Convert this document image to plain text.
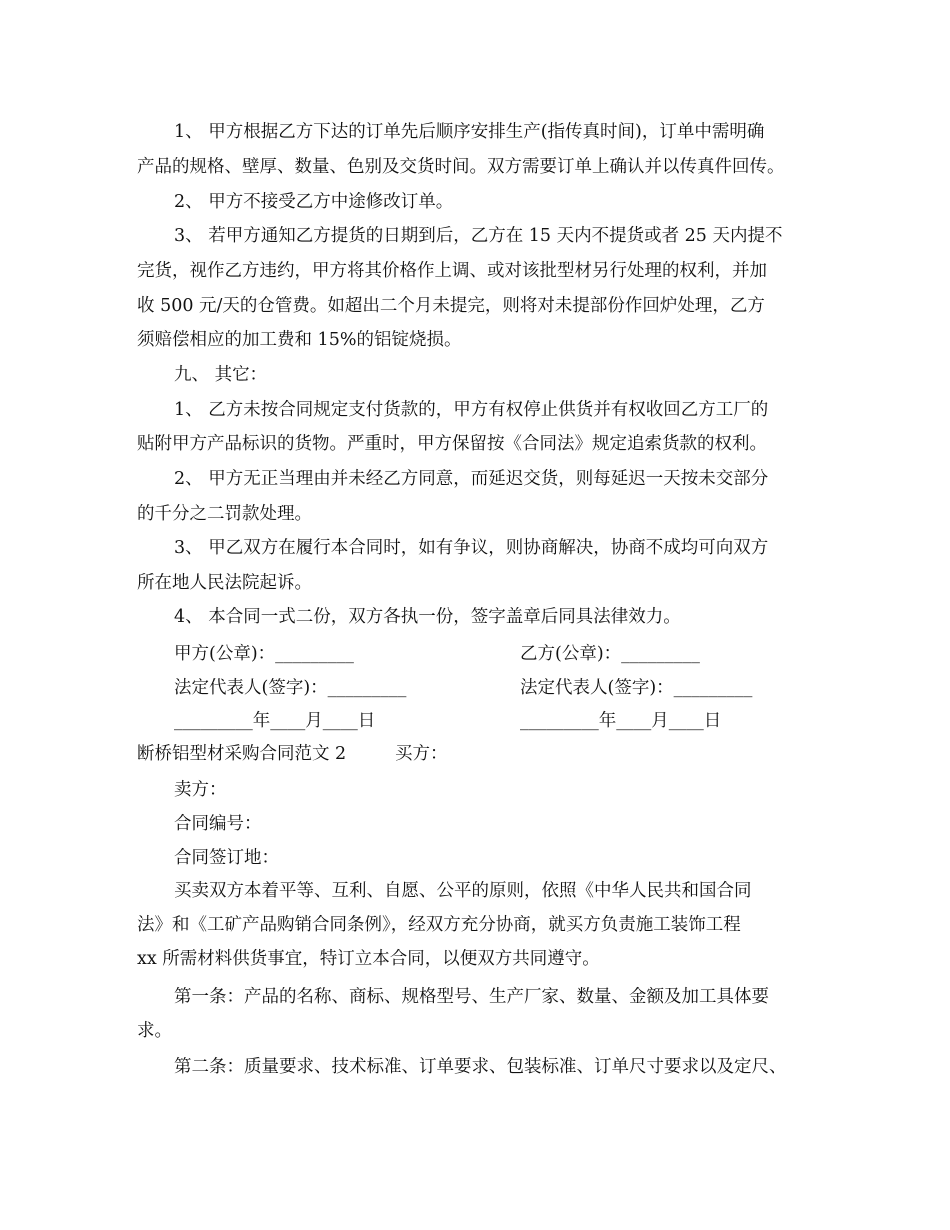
1、 甲方根据乙方下达的订单先后顺序安排生产(指传真时间)，订单中需明确
产品的规格、壁厚、数量、色别及交货时间。双方需要订单上确认并以传真件回传。
2、 甲方不接受乙方中途修改订单。
3、 若甲方通知乙方提货的日期到后，乙方在 15 天内不提货或者 25 天内提不
完货，视作乙方违约，甲方将其价格作上调、或对该批型材另行处理的权利，并加
收 500 元/天的仓管费。如超出二个月未提完，则将对未提部份作回炉处理，乙方
须赔偿相应的加工费和 15%的铝锭烧损。
九、 其它：
1、 乙方未按合同规定支付货款的，甲方有权停止供货并有权收回乙方工厂的
贴附甲方产品标识的货物。严重时，甲方保留按《合同法》规定追索货款的权利。
2、 甲方无正当理由并未经乙方同意，而延迟交货，则每延迟一天按未交部分
的千分之二罚款处理。
3、 甲乙双方在履行本合同时，如有争议，则协商解决，协商不成均可向双方
所在地人民法院起诉。
4、 本合同一式二份，双方各执一份，签字盖章后同具法律效力。
甲方(公章)：_________	乙方(公章)：_________
法定代表人(签字)：_________	法定代表人(签字)：_________
_________年____月____日	_________年____月____日
断桥铝型材采购合同范文 2	买方：
卖方：
合同编号：
合同签订地：
买卖双方本着平等、互利、自愿、公平的原则，依照《中华人民共和国合同
法》和《工矿产品购销合同条例》，经双方充分协商，就买方负责施工装饰工程
xx 所需材料供货事宜，特订立本合同，以便双方共同遵守。
第一条：产品的名称、商标、规格型号、生产厂家、数量、金额及加工具体要
求。
第二条：质量要求、技术标准、订单要求、包装标准、订单尺寸要求以及定尺、
